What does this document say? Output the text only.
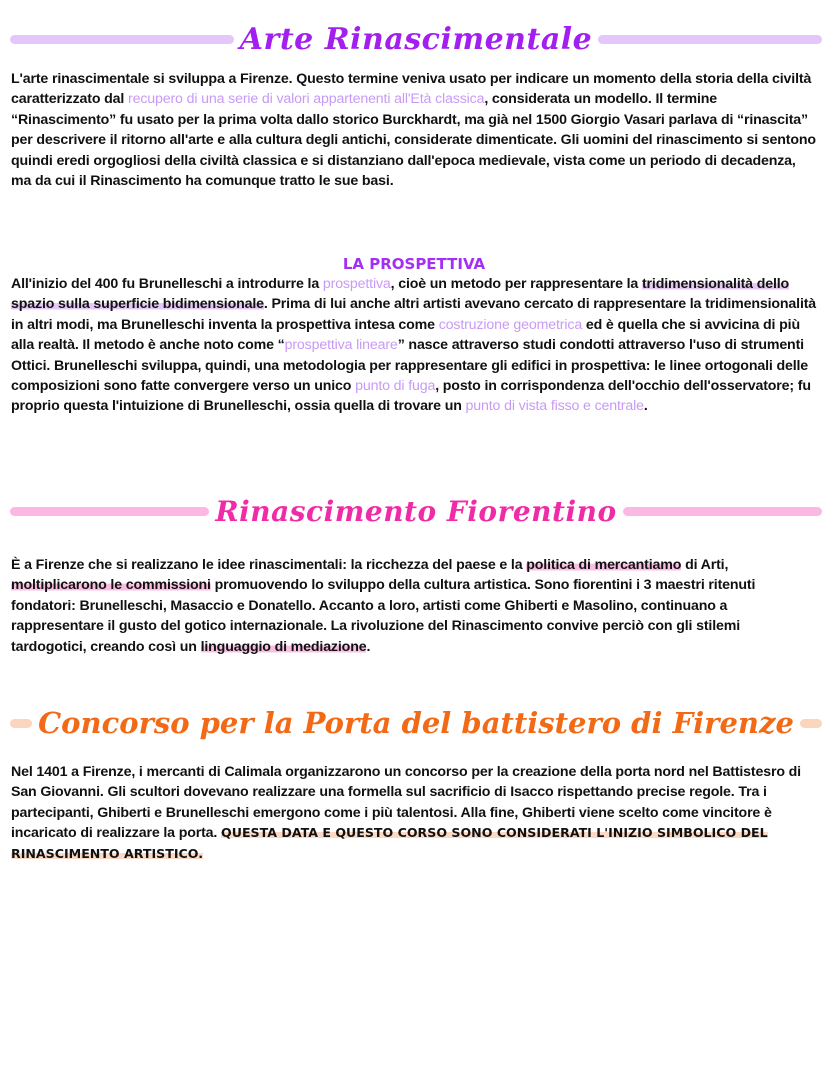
Arte Rinascimentale
L'arte rinascimentale si sviluppa a Firenze. Questo termine veniva usato per indicare un momento della storia della civiltà caratterizzato dal recupero di una serie di valori appartenenti all'Età classica, considerata un modello. Il termine “Rinascimento” fu usato per la prima volta dallo storico Burckhardt, ma già nel 1500 Giorgio Vasari parlava di “rinascita” per descrivere il ritorno all'arte e alla cultura degli antichi, considerate dimenticate. Gli uomini del rinascimento si sentono quindi eredi orgogliosi della civiltà classica e si distanziano dall'epoca medievale, vista come un periodo di decadenza, ma da cui il Rinascimento ha comunque tratto le sue basi.
LA PROSPETTIVA
All'inizio del 400 fu Brunelleschi a introdurre la prospettiva, cioè un metodo per rappresentare la tridimensionalità dello spazio sulla superficie bidimensionale. Prima di lui anche altri artisti avevano cercato di rappresentare la tridimensionalità in altri modi, ma Brunelleschi inventa la prospettiva intesa come costruzione geometrica ed è quella che si avvicina di più alla realtà. Il metodo è anche noto come “prospettiva lineare” nasce attraverso studi condotti attraverso l'uso di strumenti Ottici. Brunelleschi sviluppa, quindi, una metodologia per rappresentare gli edifici in prospettiva: le linee ortogonali delle composizioni sono fatte convergere verso un unico punto di fuga, posto in corrispondenza dell'occhio dell'osservatore; fu proprio questa l'intuizione di Brunelleschi, ossia quella di trovare un punto di vista fisso e centrale.
Rinascimento Fiorentino
È a Firenze che si realizzano le idee rinascimentali: la ricchezza del paese e la politica di mercantiamo di Arti, moltiplicarono le commissioni promuovendo lo sviluppo della cultura artistica. Sono fiorentini i 3 maestri ritenuti fondatori: Brunelleschi, Masaccio e Donatello. Accanto a loro, artisti come Ghiberti e Masolino, continuano a rappresentare il gusto del gotico internazionale. La rivoluzione del Rinascimento convive perciò con gli stilemi tardogotici, creando così un linguaggio di mediazione.
Concorso per la Porta del battistero di Firenze
Nel 1401 a Firenze, i mercanti di Calimala organizzarono un concorso per la creazione della porta nord nel Battistesro di San Giovanni. Gli scultori dovevano realizzare una formella sul sacrificio di Isacco rispettando precise regole. Tra i partecipanti, Ghiberti e Brunelleschi emergono come i più talentosi. Alla fine, Ghiberti viene scelto come vincitore è incaricato di realizzare la porta. QUESTA DATA E QUESTO CORSO SONO CONSIDERATI L'INIZIO SIMBOLICO DEL RINASCIMENTO ARTISTICO.
